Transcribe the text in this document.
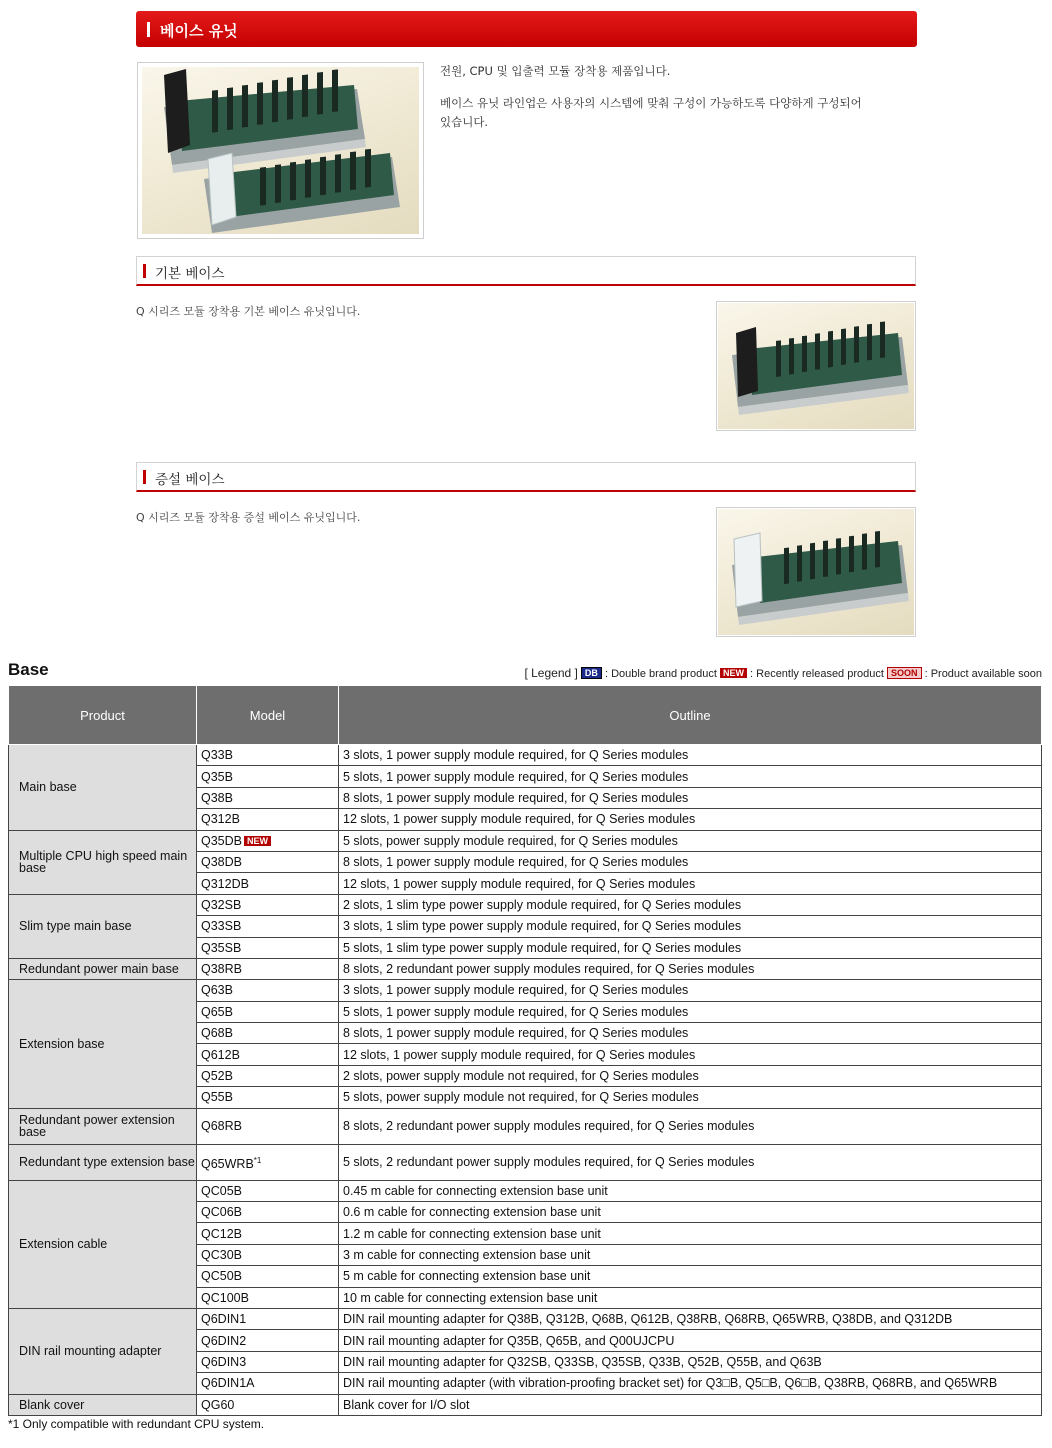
베이스 유닛
전원, CPU 및 입출력 모듈 장착용 제품입니다.
베이스 유닛 라인업은 사용자의 시스템에 맞춰 구성이 가능하도록 다양하게 구성되어
있습니다.
기본 베이스
Q 시리즈 모듈 장착용 기본 베이스 유닛입니다.
증설 베이스
Q 시리즈 모듈 장착용 증설 베이스 유닛입니다.
Base	[ Legend ] DB : Double brand product NEW : Recently released product SOON : Product available soon
Product	Model	Outline
Main base	Q33B	3 slots, 1 power supply module required, for Q Series modules
	Q35B	5 slots, 1 power supply module required, for Q Series modules
	Q38B	8 slots, 1 power supply module required, for Q Series modules
	Q312B	12 slots, 1 power supply module required, for Q Series modules
Multiple CPU high speed main base	Q35DB NEW	5 slots, power supply module required, for Q Series modules
	Q38DB	8 slots, 1 power supply module required, for Q Series modules
	Q312DB	12 slots, 1 power supply module required, for Q Series modules
Slim type main base	Q32SB	2 slots, 1 slim type power supply module required, for Q Series modules
	Q33SB	3 slots, 1 slim type power supply module required, for Q Series modules
	Q35SB	5 slots, 1 slim type power supply module required, for Q Series modules
Redundant power main base	Q38RB	8 slots, 2 redundant power supply modules required, for Q Series modules
Extension base	Q63B	3 slots, 1 power supply module required, for Q Series modules
	Q65B	5 slots, 1 power supply module required, for Q Series modules
	Q68B	8 slots, 1 power supply module required, for Q Series modules
	Q612B	12 slots, 1 power supply module required, for Q Series modules
	Q52B	2 slots, power supply module not required, for Q Series modules
	Q55B	5 slots, power supply module not required, for Q Series modules
Redundant power extension base	Q68RB	8 slots, 2 redundant power supply modules required, for Q Series modules
Redundant type extension base	Q65WRB$^{*1}$	5 slots, 2 redundant power supply modules required, for Q Series modules
Extension cable	QC05B	0.45 m cable for connecting extension base unit
	QC06B	0.6 m cable for connecting extension base unit
	QC12B	1.2 m cable for connecting extension base unit
	QC30B	3 m cable for connecting extension base unit
	QC50B	5 m cable for connecting extension base unit
	QC100B	10 m cable for connecting extension base unit
DIN rail mounting adapter	Q6DIN1	DIN rail mounting adapter for Q38B, Q312B, Q68B, Q612B, Q38RB, Q68RB, Q65WRB, Q38DB, and Q312DB
	Q6DIN2	DIN rail mounting adapter for Q35B, Q65B, and Q00UJCPU
	Q6DIN3	DIN rail mounting adapter for Q32SB, Q33SB, Q35SB, Q33B, Q52B, Q55B, and Q63B
	Q6DIN1A	DIN rail mounting adapter (with vibration-proofing bracket set) for Q3□B, Q5□B, Q6□B, Q38RB, Q68RB, and Q65WRB
Blank cover	QG60	Blank cover for I/O slot
*1 Only compatible with redundant CPU system.
